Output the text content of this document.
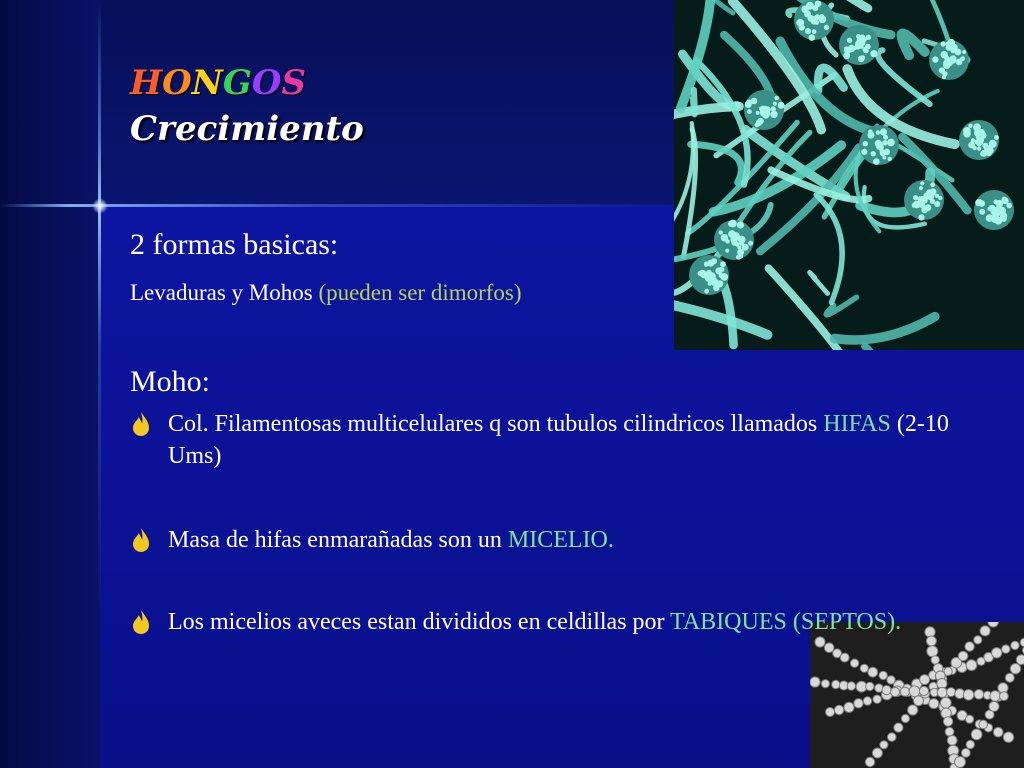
HONGOS
Crecimiento
2 formas basicas:
Levaduras y Mohos (pueden ser dimorfos)
Moho:
Col. Filamentosas multicelulares q son tubulos cilindricos llamados HIFAS (2-10 Ums)
Masa de hifas enmarañadas son un MICELIO.
Los micelios aveces estan divididos en celdillas por TABIQUES (SEPTOS).
